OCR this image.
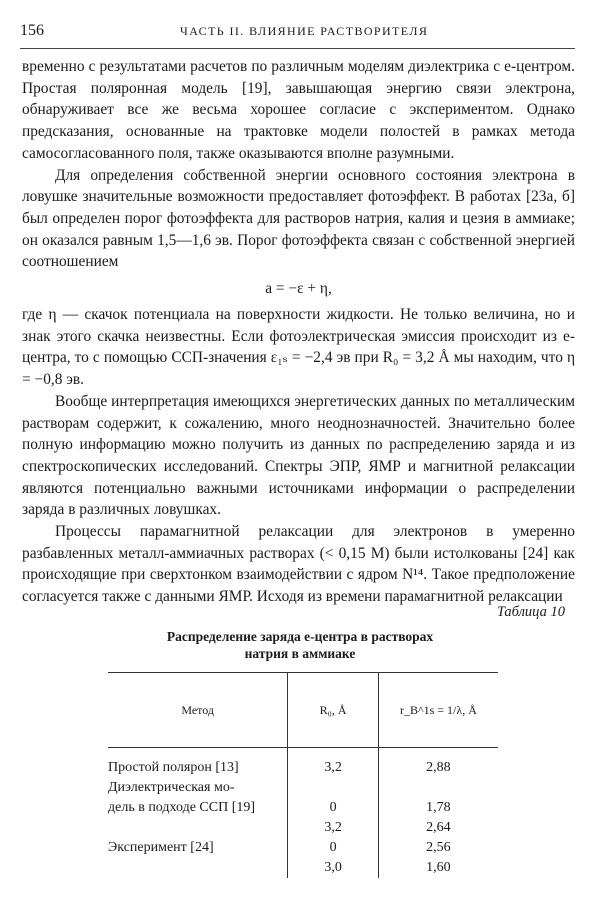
156	ЧАСТЬ II. ВЛИЯНИЕ РАСТВОРИТЕЛЯ

временно с результатами расчетов по различным моделям диэлектрика с e-центром. Простая поляронная модель [19], завышающая энергию связи электрона, обнаруживает все же весьма хорошее согласие с экспериментом. Однако предсказания, основанные на трактовке модели полостей в рамках метода самосогласованного поля, также оказываются вполне разумными.

Для определения собственной энергии основного состояния электрона в ловушке значительные возможности предоставляет фотоэффект. В работах [23а, б] был определен порог фотоэффекта для растворов натрия, калия и цезия в аммиаке; он оказался равным 1,5—1,6 эв. Порог фотоэффекта связан с собственной энергией соотношением

a = −ε + η,

где η — скачок потенциала на поверхности жидкости. Не только величина, но и знак этого скачка неизвестны. Если фотоэлектрическая эмиссия происходит из e-центра, то с помощью ССП-значения ε₁ₛ = −2,4 эв при R₀ = 3,2 Å мы находим, что η = −0,8 эв.

Вообще интерпретация имеющихся энергетических данных по металлическим растворам содержит, к сожалению, много неоднозначностей. Значительно более полную информацию можно получить из данных по распределению заряда и из спектроскопических исследований. Спектры ЭПР, ЯМР и магнитной релаксации являются потенциально важными источниками информации о распределении заряда в различных ловушках.

Процессы парамагнитной релаксации для электронов в умеренно разбавленных металл-аммиачных растворах (< 0,15 M) были истолкованы [24] как происходящие при сверхтонком взаимодействии с ядром N¹⁴. Такое предположение согласуется также с данными ЯМР. Исходя из времени парамагнитной релаксации

Таблица 10
Распределение заряда e-центра в растворах
натрия в аммиаке
Метод	R₀, Å	r_B^1s = 1/λ, Å
Простой полярон [13]	3,2	2,88
Диэлектрическая мо-		
дель в подходе ССП [19]	0	1,78
	3,2	2,64
Эксперимент [24]	0	2,56
	3,0	1,60
